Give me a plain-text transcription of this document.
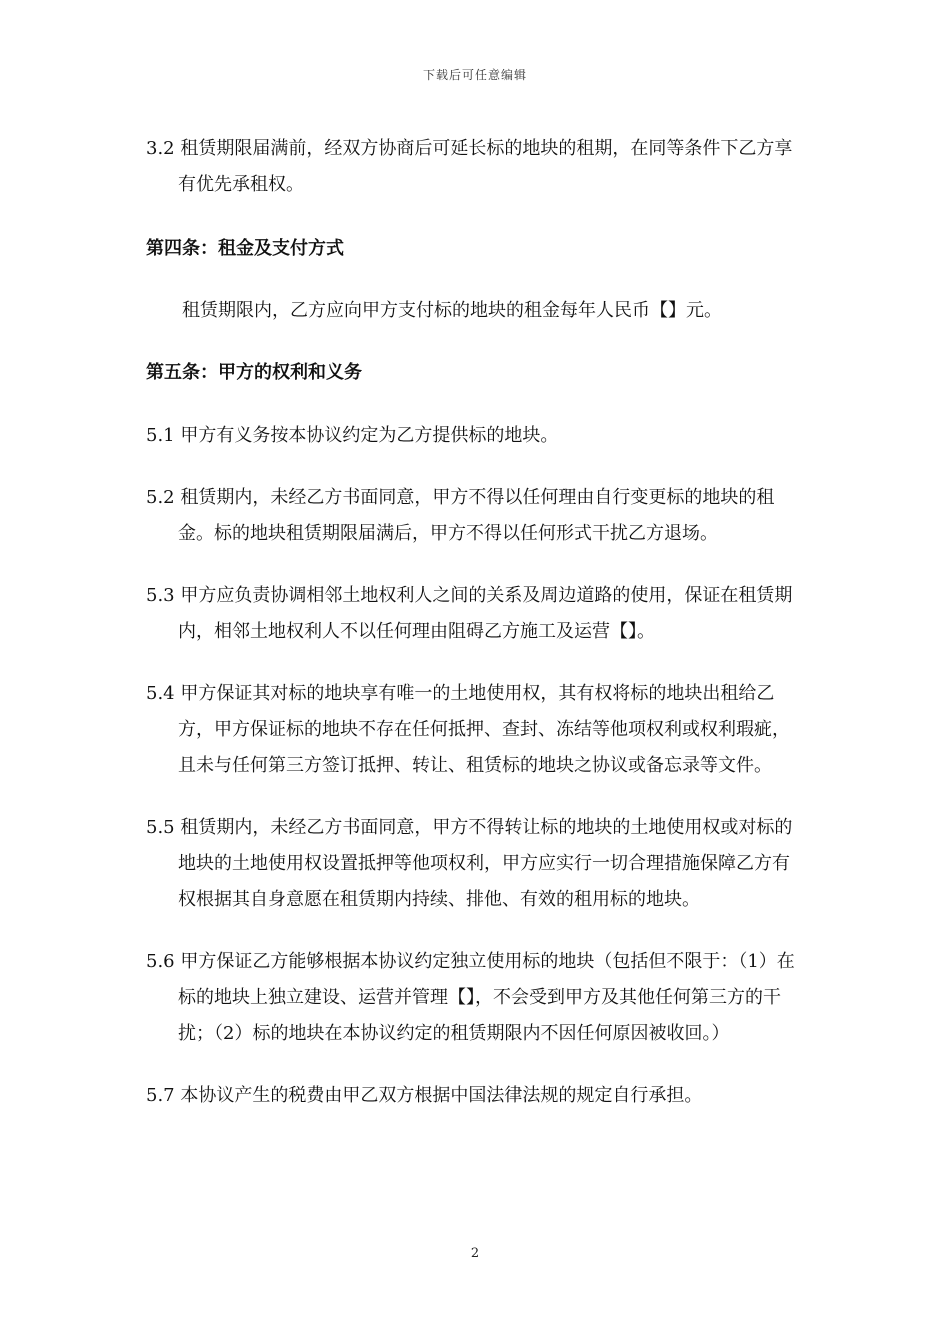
下载后可任意编辑

3.2 租赁期限届满前，经双方协商后可延长标的地块的租期，在同等条件下乙方享有优先承租权。

第四条：租金及支付方式

租赁期限内，乙方应向甲方支付标的地块的租金每年人民币【】元。

第五条：甲方的权利和义务

5.1 甲方有义务按本协议约定为乙方提供标的地块。

5.2 租赁期内，未经乙方书面同意，甲方不得以任何理由自行变更标的地块的租金。标的地块租赁期限届满后，甲方不得以任何形式干扰乙方退场。

5.3 甲方应负责协调相邻土地权利人之间的关系及周边道路的使用，保证在租赁期内，相邻土地权利人不以任何理由阻碍乙方施工及运营【】。

5.4 甲方保证其对标的地块享有唯一的土地使用权，其有权将标的地块出租给乙方，甲方保证标的地块不存在任何抵押、查封、冻结等他项权利或权利瑕疵，且未与任何第三方签订抵押、转让、租赁标的地块之协议或备忘录等文件。

5.5 租赁期内，未经乙方书面同意，甲方不得转让标的地块的土地使用权或对标的地块的土地使用权设置抵押等他项权利，甲方应实行一切合理措施保障乙方有权根据其自身意愿在租赁期内持续、排他、有效的租用标的地块。

5.6 甲方保证乙方能够根据本协议约定独立使用标的地块（包括但不限于：（1）在标的地块上独立建设、运营并管理【】，不会受到甲方及其他任何第三方的干扰；（2）标的地块在本协议约定的租赁期限内不因任何原因被收回。）

5.7 本协议产生的税费由甲乙双方根据中国法律法规的规定自行承担。

2
